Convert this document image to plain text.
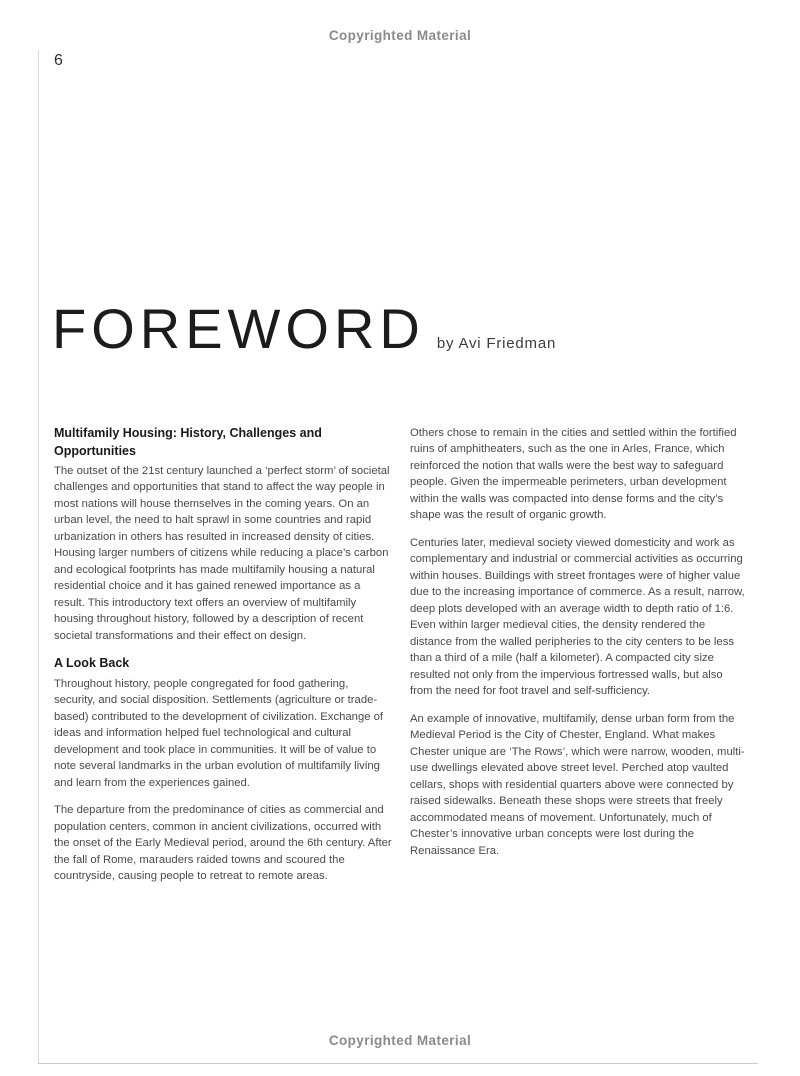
Copyrighted Material
6
FOREWORD by Avi Friedman
Multifamily Housing: History, Challenges and Opportunities

The outset of the 21st century launched a ‘perfect storm’ of societal challenges and opportunities that stand to affect the way people in most nations will house themselves in the coming years. On an urban level, the need to halt sprawl in some countries and rapid urbanization in others has resulted in increased density of cities. Housing larger numbers of citizens while reducing a place’s carbon and ecological footprints has made multifamily housing a natural residential choice and it has gained renewed importance as a result. This introductory text offers an overview of multifamily housing throughout history, followed by a description of recent societal transformations and their effect on design.

A Look Back

Throughout history, people congregated for food gathering, security, and social disposition. Settlements (agriculture or trade-based) contributed to the development of civilization. Exchange of ideas and information helped fuel technological and cultural development and took place in communities. It will be of value to note several landmarks in the urban evolution of multifamily living and learn from the experiences gained.

The departure from the predominance of cities as commercial and population centers, common in ancient civilizations, occurred with the onset of the Early Medieval period, around the 6th century. After the fall of Rome, marauders raided towns and scoured the countryside, causing people to retreat to remote areas.

Others chose to remain in the cities and settled within the fortified ruins of amphitheaters, such as the one in Arles, France, which reinforced the notion that walls were the best way to safeguard people. Given the impermeable perimeters, urban development within the walls was compacted into dense forms and the city’s shape was the result of organic growth.

Centuries later, medieval society viewed domesticity and work as complementary and industrial or commercial activities as occurring within houses. Buildings with street frontages were of higher value due to the increasing importance of commerce. As a result, narrow, deep plots developed with an average width to depth ratio of 1:6. Even within larger medieval cities, the density rendered the distance from the walled peripheries to the city centers to be less than a third of a mile (half a kilometer). A compacted city size resulted not only from the impervious fortressed walls, but also from the need for foot travel and self-sufficiency.

An example of innovative, multifamily, dense urban form from the Medieval Period is the City of Chester, England. What makes Chester unique are ‘The Rows’, which were narrow, wooden, multi-use dwellings elevated above street level. Perched atop vaulted cellars, shops with residential quarters above were connected by raised sidewalks. Beneath these shops were streets that freely accommodated means of movement. Unfortunately, much of Chester’s innovative urban concepts were lost during the Renaissance Era.

Copyrighted Material
